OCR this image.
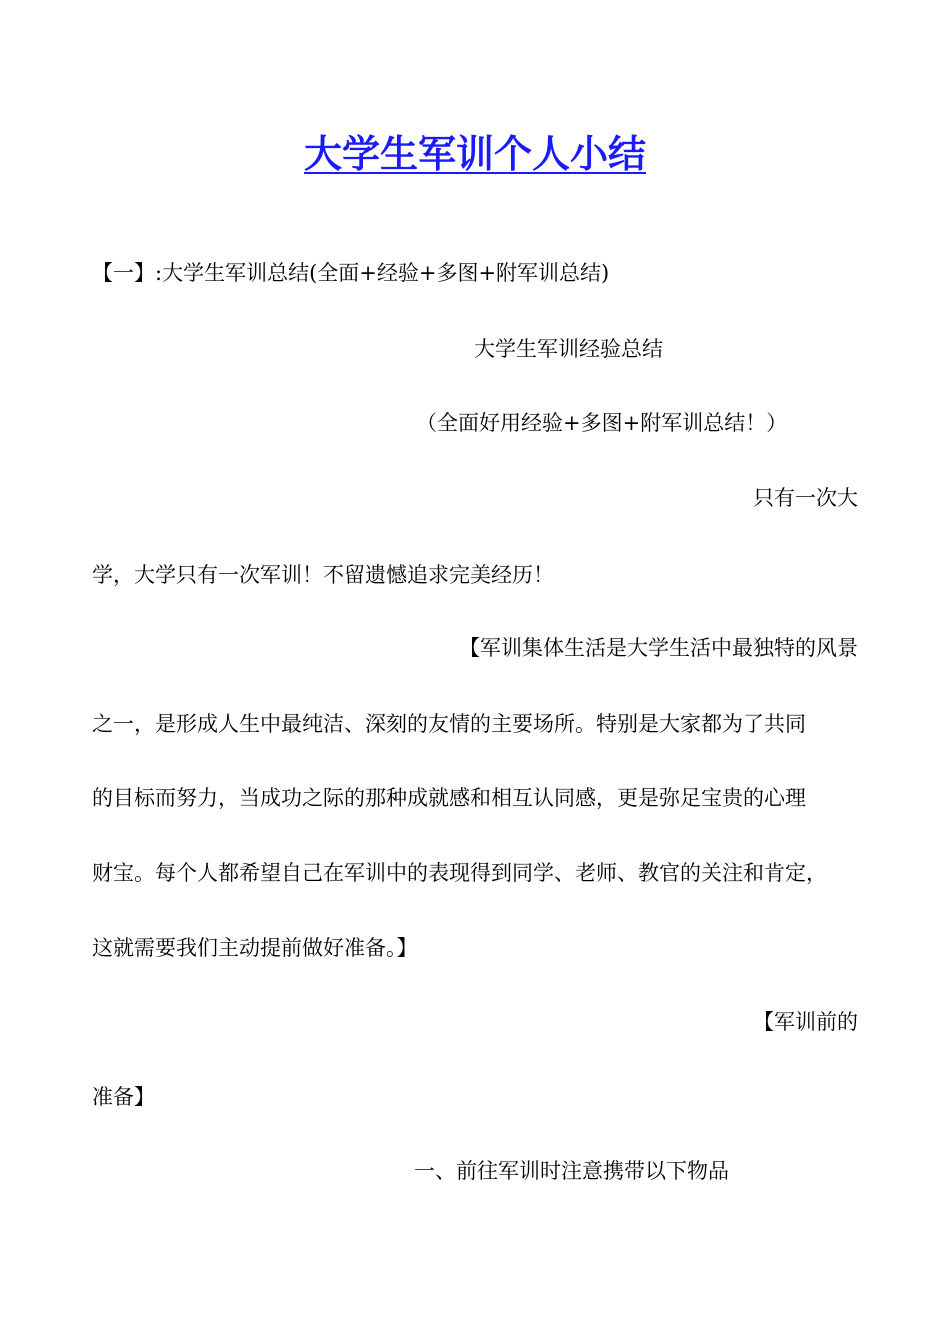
大学生军训个人小结
【一】:大学生军训总结(全面+经验+多图+附军训总结)
大学生军训经验总结
（全面好用经验+多图+附军训总结！）
只有一次大
学，大学只有一次军训！不留遗憾追求完美经历！
【军训集体生活是大学生活中最独特的风景
之一，是形成人生中最纯洁、深刻的友情的主要场所。特别是大家都为了共同
的目标而努力，当成功之际的那种成就感和相互认同感，更是弥足宝贵的心理
财宝。每个人都希望自己在军训中的表现得到同学、老师、教官的关注和肯定，
这就需要我们主动提前做好准备。】
【军训前的
准备】
一、前往军训时注意携带以下物品
